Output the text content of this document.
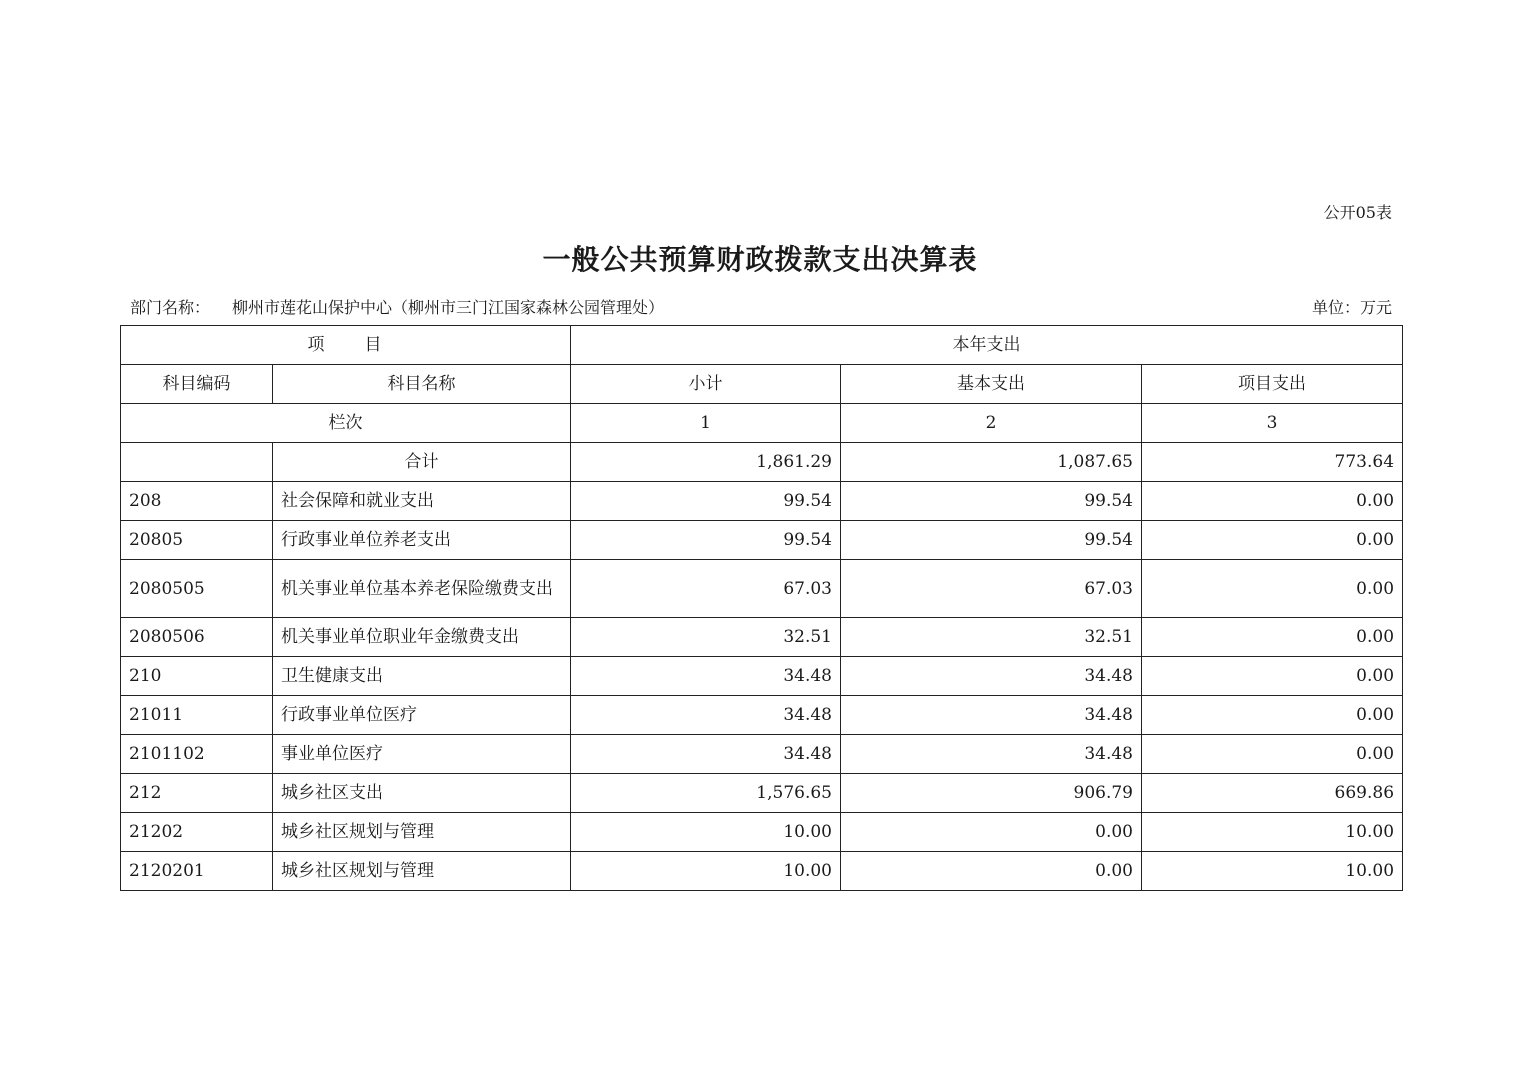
公开05表
一般公共预算财政拨款支出决算表
部门名称： 柳州市莲花山保护中心（柳州市三门江国家森林公园管理处）	单位：万元
项　　目		本年支出		
科目编码	科目名称	小计	基本支出	项目支出
栏次		1	2	3
	合计	1,861.29	1,087.65	773.64
208	社会保障和就业支出	99.54	99.54	0.00
20805	行政事业单位养老支出	99.54	99.54	0.00
2080505	机关事业单位基本养老保险缴费支出	67.03	67.03	0.00
2080506	机关事业单位职业年金缴费支出	32.51	32.51	0.00
210	卫生健康支出	34.48	34.48	0.00
21011	行政事业单位医疗	34.48	34.48	0.00
2101102	事业单位医疗	34.48	34.48	0.00
212	城乡社区支出	1,576.65	906.79	669.86
21202	城乡社区规划与管理	10.00	0.00	10.00
2120201	城乡社区规划与管理	10.00	0.00	10.00
